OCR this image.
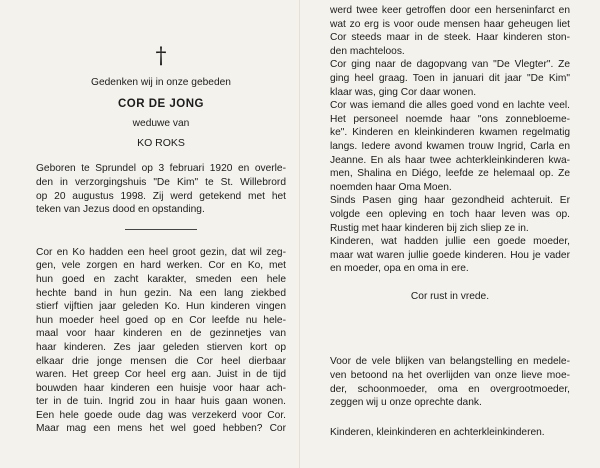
†
Gedenken wij in onze gebeden
COR DE JONG
weduwe van
KO ROKS
Geboren te Sprundel op 3 februari 1920 en overle-
den in verzorgingshuis "De Kim" te St. Willebrord
op 20 augustus 1998. Zij werd getekend met het
teken van Jezus dood en opstanding.
Cor en Ko hadden een heel groot gezin, dat wil zeg-
gen, vele zorgen en hard werken. Cor en Ko, met
hun goed en zacht karakter, smeden een hele
hechte band in hun gezin. Na een lang ziekbed
stierf vijftien jaar geleden Ko. Hun kinderen vingen
hun moeder heel goed op en Cor leefde nu hele-
maal voor haar kinderen en de gezinnetjes van
haar kinderen. Zes jaar geleden stierven kort op
elkaar drie jonge mensen die Cor heel dierbaar
waren. Het greep Cor heel erg aan. Juist in de tijd
bouwden haar kinderen een huisje voor haar ach-
ter in de tuin. Ingrid zou in haar huis gaan wonen.
Een hele goede oude dag was verzekerd voor Cor.
Maar mag een mens het wel goed hebben? Cor
werd twee keer getroffen door een herseninfarct en
wat zo erg is voor oude mensen haar geheugen liet
Cor steeds maar in de steek. Haar kinderen ston-
den machteloos.
Cor ging naar de dagopvang van "De Vlegter". Ze
ging heel graag. Toen in januari dit jaar "De Kim"
klaar was, ging Cor daar wonen.
Cor was iemand die alles goed vond en lachte veel.
Het personeel noemde haar "ons zonnebloeme-
ke". Kinderen en kleinkinderen kwamen regelmatig
langs. Iedere avond kwamen trouw Ingrid, Carla en
Jeanne. En als haar twee achterkleinkinderen kwa-
men, Shalina en Diégo, leefde ze helemaal op. Ze
noemden haar Oma Moen.
Sinds Pasen ging haar gezondheid achteruit. Er
volgde een opleving en toch haar leven was op.
Rustig met haar kinderen bij zich sliep ze in.
Kinderen, wat hadden jullie een goede moeder,
maar wat waren jullie goede kinderen. Hou je vader
en moeder, opa en oma in ere.
Cor rust in vrede.
Voor de vele blijken van belangstelling en medele-
ven betoond na het overlijden van onze lieve moe-
der, schoonmoeder, oma en overgrootmoeder,
zeggen wij u onze oprechte dank.
Kinderen, kleinkinderen en achterkleinkinderen.
